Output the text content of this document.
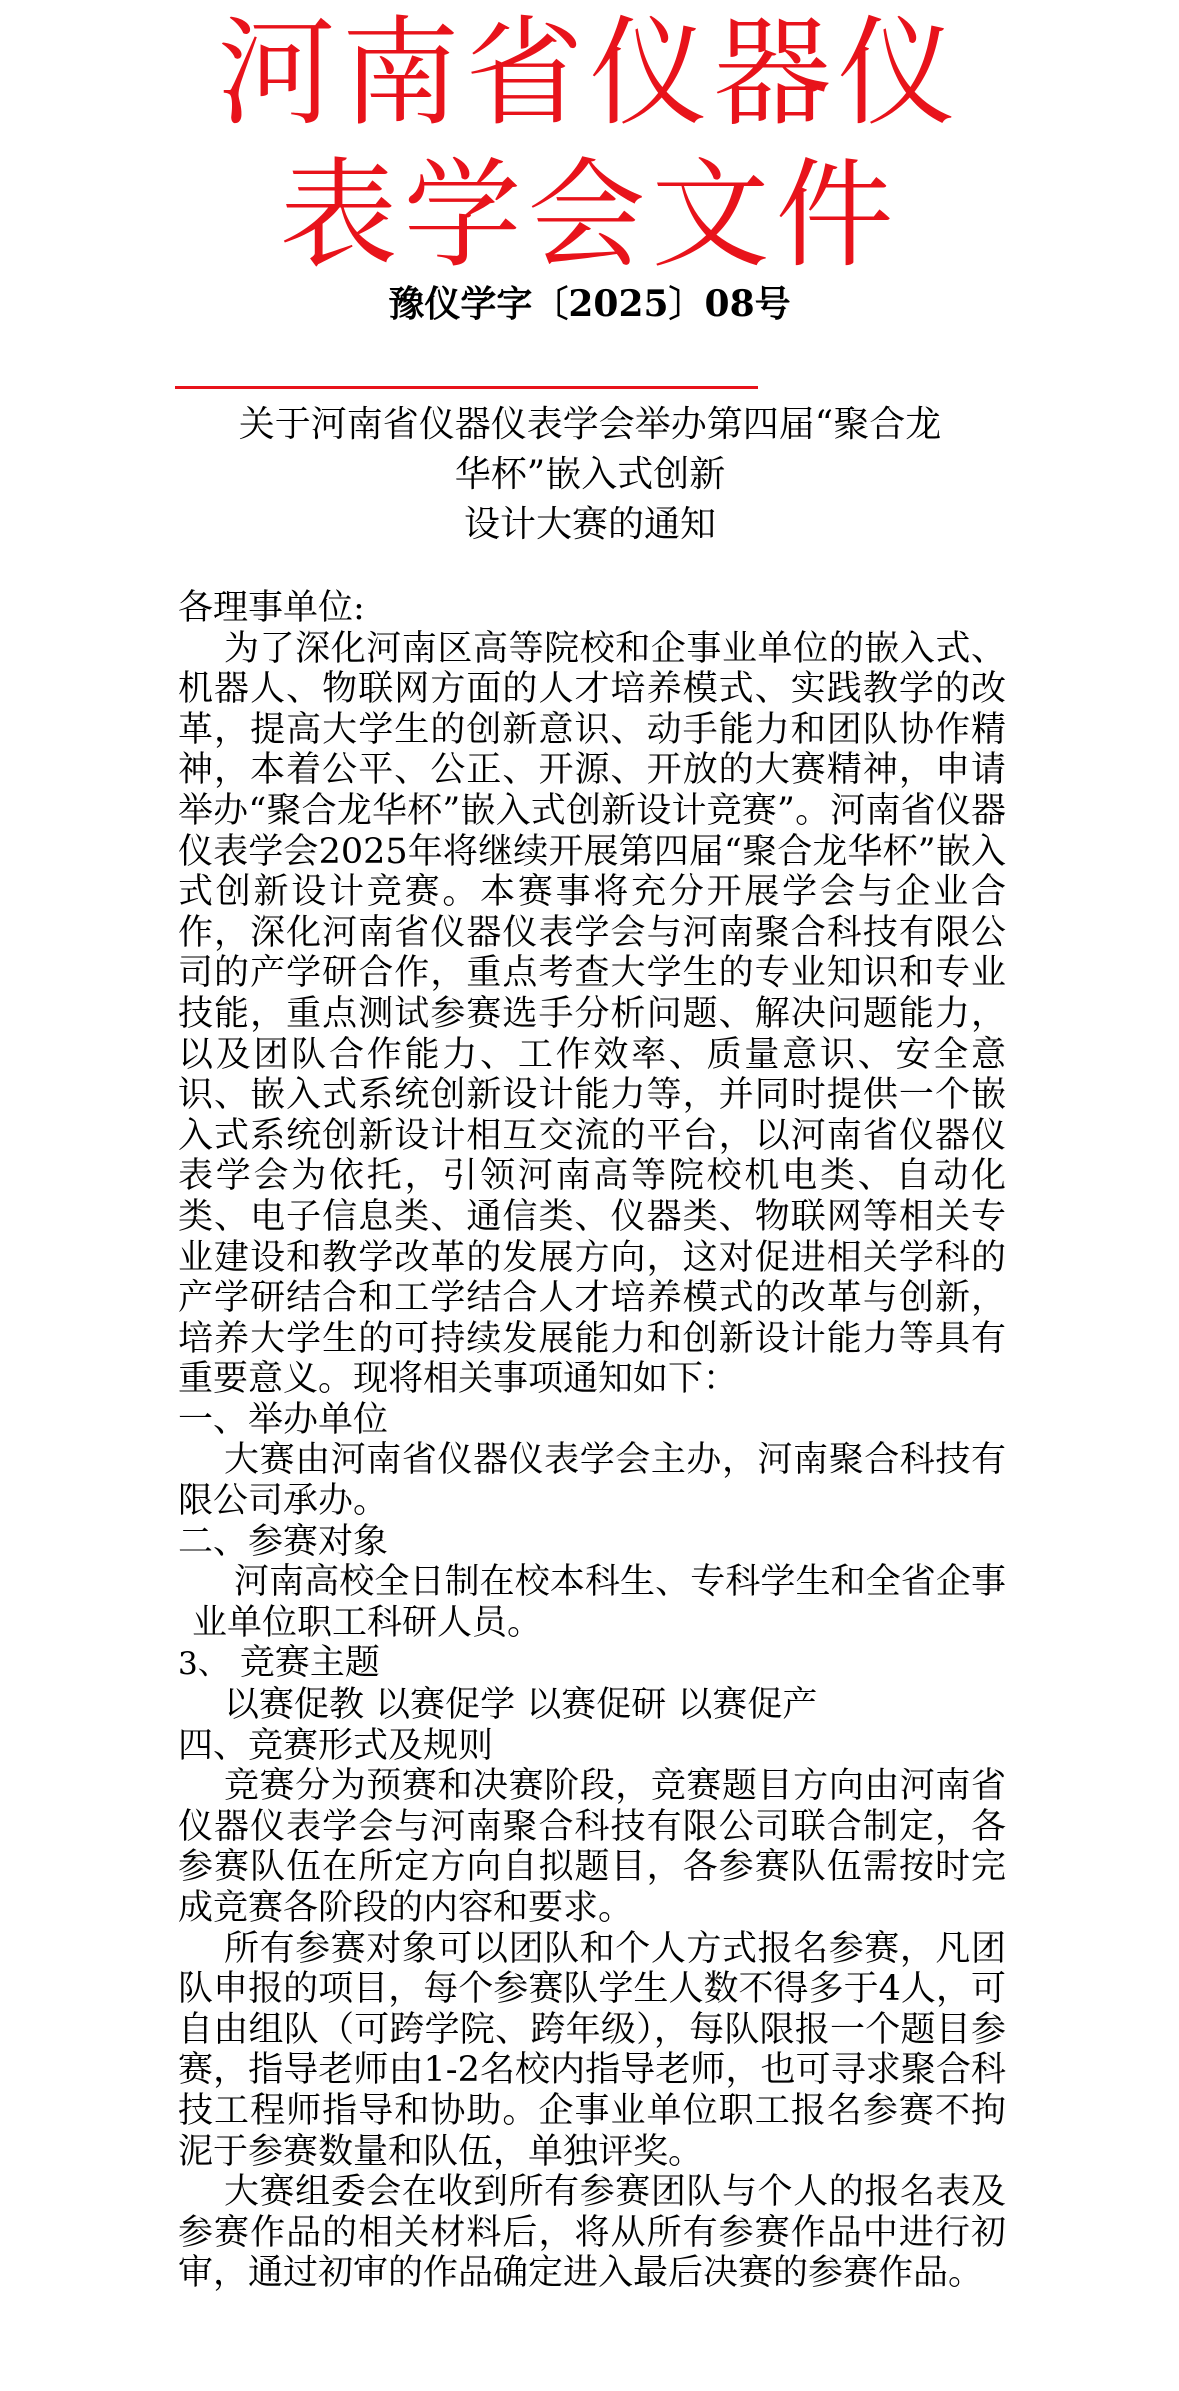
河南省仪器仪
表学会文件
豫仪学字〔2025〕08号
关于河南省仪器仪表学会举办第四届“聚合龙
华杯”嵌入式创新
设计大赛的通知

各理事单位:

为了深化河南区高等院校和企事业单位的嵌入式、机器人、物联网方面的人才培养模式、实践教学的改革，提高大学生的创新意识、动手能力和团队协作精神，本着公平、公正、开源、开放的大赛精神，申请举办“聚合龙华杯”嵌入式创新设计竞赛”。河南省仪器仪表学会2025年将继续开展第四届“聚合龙华杯”嵌入式创新设计竞赛。本赛事将充分开展学会与企业合作，深化河南省仪器仪表学会与河南聚合科技有限公司的产学研合作，重点考查大学生的专业知识和专业技能，重点测试参赛选手分析问题、解决问题能力，以及团队合作能力、工作效率、质量意识、安全意识、嵌入式系统创新设计能力等，并同时提供一个嵌入式系统创新设计相互交流的平台，以河南省仪器仪表学会为依托，引领河南高等院校机电类、自动化类、电子信息类、通信类、仪器类、物联网等相关专业建设和教学改革的发展方向，这对促进相关学科的产学研结合和工学结合人才培养模式的改革与创新，培养大学生的可持续发展能力和创新设计能力等具有重要意义。现将相关事项通知如下：

一、举办单位

大赛由河南省仪器仪表学会主办，河南聚合科技有限公司承办。

二、参赛对象

河南高校全日制在校本科生、专科学生和全省企事业单位职工科研人员。

3、 竞赛主题

以赛促教 以赛促学 以赛促研 以赛促产

四、竞赛形式及规则

竞赛分为预赛和决赛阶段，竞赛题目方向由河南省仪器仪表学会与河南聚合科技有限公司联合制定，各参赛队伍在所定方向自拟题目，各参赛队伍需按时完成竞赛各阶段的内容和要求。

所有参赛对象可以团队和个人方式报名参赛，凡团队申报的项目，每个参赛队学生人数不得多于4人，可自由组队（可跨学院、跨年级），每队限报一个题目参赛，指导老师由1-2名校内指导老师，也可寻求聚合科技工程师指导和协助。企事业单位职工报名参赛不拘泥于参赛数量和队伍，单独评奖。

大赛组委会在收到所有参赛团队与个人的报名表及参赛作品的相关材料后，将从所有参赛作品中进行初审，通过初审的作品确定进入最后决赛的参赛作品。
